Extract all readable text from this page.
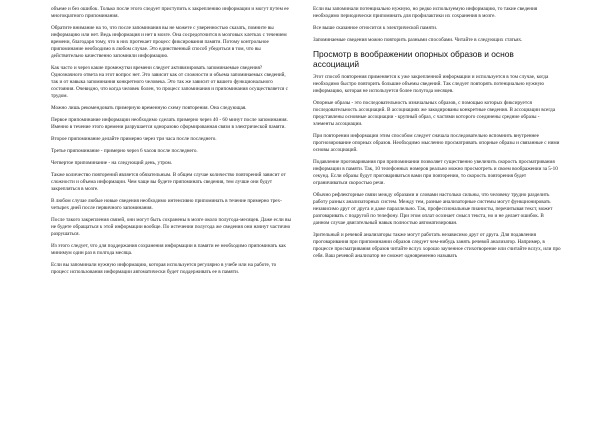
объеме и без ошибок. Только после этого следует приступить к закреплению информации и могут путем ее многократного припоминания.

Обратите внимание на то, что после запоминания вы не можете с уверенностью сказать, помните вы информацию или нет. Ведь информация и нет в мозге. Она сосредоточится в мозговых клетках с течением времени, благодаря тому, что в них протекает процесс фиксирования памяти. Потому контрольное припоминание необходимо в любом случае. Это единственный способ убедиться в том, что вы действительно качественно запомнили информацию.

Как часто и через какие промежутки времени следует активизировать запоминаемые сведения? Однозначного ответа на этот вопрос нет. Это зависит как от сложности и объема запоминаемых сведений, так и от навыка запоминания конкретного человека. Это так же зависит от вашего функционального состояния. Очевидно, что когда человек болен, то процесс запоминания и припоминания осуществляется с трудом.

Можно лишь рекомендовать примерную временную схему повторения. Она следующая.

Первое припоминание информации необходимо сделать примерно через 40 - 60 минут после запоминания. Именно в течение этого времени разрушается одноразово сформированная связи в электрической памяти.

Второе припоминание делайте примерно через три часа после последнего.

Третье припоминание - примерно через 6 часов после последнего.

Четвертое припоминание - на следующий день, утром.

Также количество повторений является обязательным. В общем случае количество повторений зависит от сложности и объема информации. Чем чаще вы будете припоминать сведения, тем лучше они будут закрепляться в мозге.

В любом случае любые новые сведения необходимо интенсивно припоминать в течение примерно трех-четырех дней после первичного запоминания.

После такого закрепления связей, они могут быть сохранены в мозге около полугода-месяцев. Даже если вы не будете обращаться к этой информации вообще. По истечении полугода же сведения они начнут частично разрушаться.

Из этого следует, что для поддержания сохранения информации в памяти ее необходимо припоминать как минимум один раз в полгода месяца.

Если вы запоминали нужную информацию, которая используется регулярно в учебе или на работе, то процесс использования информации автоматически будет поддерживать ее в памяти.

Если вы запоминали потенциально нужную, но редко используемую информацию, то такие сведения необходимо периодически припоминать для профилактики их сохранения в мозге.

Все выше сказанное относится к электрической памяти.

Запоминаемые сведения можно повторить разными способами. Читайте в следующих статьях.

Просмотр в воображении опорных образов и основ ассоциаций

Этот способ повторения применяется к уже закрепленной информации и используется в том случае, когда необходимо быстро повторить большие объемы сведений. Так следует повторять потенциально нужную информацию, которая не используется более полугода месяцев.

Опорные образы - это последовательность изначальных образов, с помощью которых фиксируется последовательность ассоциаций. В ассоциациях же закодированы конкретные сведения. В ассоциации всегда представлены основные ассоциации - крупный образ, с частями которого соединены средние образы - элементы ассоциации.

При повторении информации этим способом следует сначала последовательно вспомнить внутреннее прогнозирование опорных образов. Необходимо мысленно просматривать опорные образы и связанные с ними основы ассоциаций.

Подавление проговаривания при припоминании позволяет существенно увеличить скорость просматривания информации в памяти. Так, 10 телефонных номеров реально можно просмотреть и своем воображении за 5-10 секунд. Если образы будут проговариваться вами при повторении, то скорость повторения будет ограничиваться скоростью речи.

Обычно рефлекторные связи между образами и словами настолько сильны, что человеку трудно разделить работу разных анализаторных систем. Между тем, разные анализаторные системы могут функционировать независимо друг от друга и даже параллельно. Так, профессиональные пианисты, перечитывая текст, может разговаривать с подругой по телефону. При этом оплат осознает смысл текста, но и не делает ошибок. В данном случае двигательный навык полностью автоматизирован.

Зрительный и речевой анализаторы также могут работать независимо друг от друга. Для подавления проговаривания при припоминании образов следует чем-нибудь занять речевой анализатор. Например, в процессе просматривания образов читайте вслух хорошо заученное стихотворение или считайте вслух, или про себя. Ваш речевой анализатор не сможет одновременно называть
